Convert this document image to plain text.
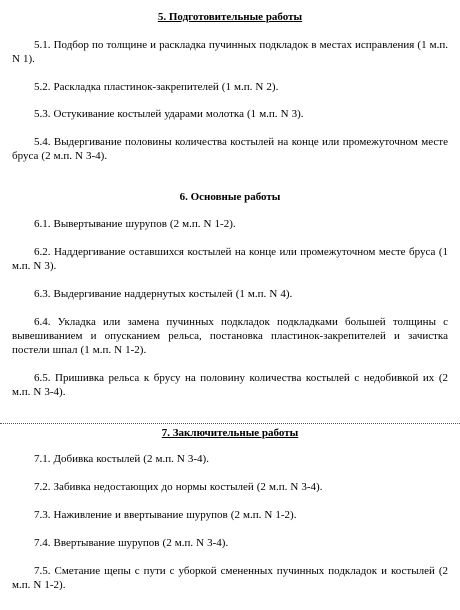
5. Подготовительные работы
5.1. Подбор по толщине и раскладка пучинных подкладок в местах исправления (1 м.п. N 1).
5.2. Раскладка пластинок-закрепителей (1 м.п. N 2).
5.3. Остукивание костылей ударами молотка (1 м.п. N 3).
5.4. Выдергивание половины количества костылей на конце или промежуточном месте бруса (2 м.п. N 3-4).
6. Основные работы
6.1. Вывертывание шурупов (2 м.п. N 1-2).
6.2. Наддергивание оставшихся костылей на конце или промежуточном месте бруса (1 м.п. N 3).
6.3. Выдергивание наддернутых костылей (1 м.п. N 4).
6.4. Укладка или замена пучинных подкладок подкладками большей толщины с вывешиванием и опусканием рельса, постановка пластинок-закрепителей и зачистка постели шпал (1 м.п. N 1-2).
6.5. Пришивка рельса к брусу на половину количества костылей с недобивкой их (2 м.п. N 3-4).
7. Заключительные работы
7.1. Добивка костылей (2 м.п. N 3-4).
7.2. Забивка недостающих до нормы костылей (2 м.п. N 3-4).
7.3. Наживление и ввертывание шурупов (2 м.п. N 1-2).
7.4. Ввертывание шурупов (2 м.п. N 3-4).
7.5. Сметание щепы с пути с уборкой смененных пучинных подкладок и костылей (2 м.п. N 1-2).
